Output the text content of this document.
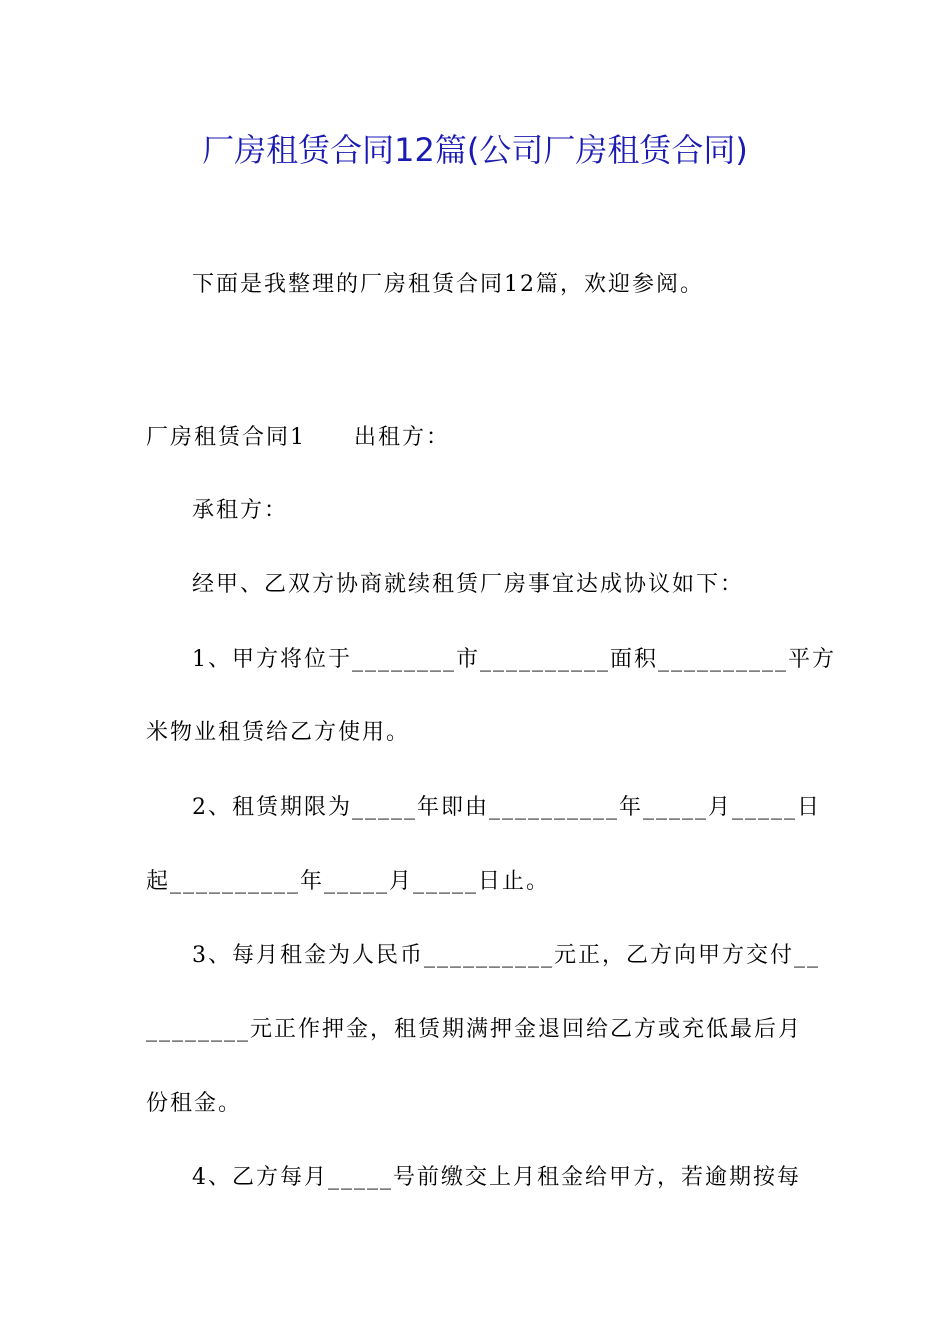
厂房租赁合同12篇(公司厂房租赁合同)
下面是我整理的厂房租赁合同12篇，欢迎参阅。
厂房租赁合同1 出租方：
承租方：
经甲、乙双方协商就续租赁厂房事宜达成协议如下：
1、甲方将位于________市__________面积__________平方
米物业租赁给乙方使用。
2、租赁期限为_____年即由__________年_____月_____日
起__________年_____月_____日止。
3、每月租金为人民币__________元正，乙方向甲方交付__
________元正作押金，租赁期满押金退回给乙方或充低最后月
份租金。
4、乙方每月_____号前缴交上月租金给甲方，若逾期按每
